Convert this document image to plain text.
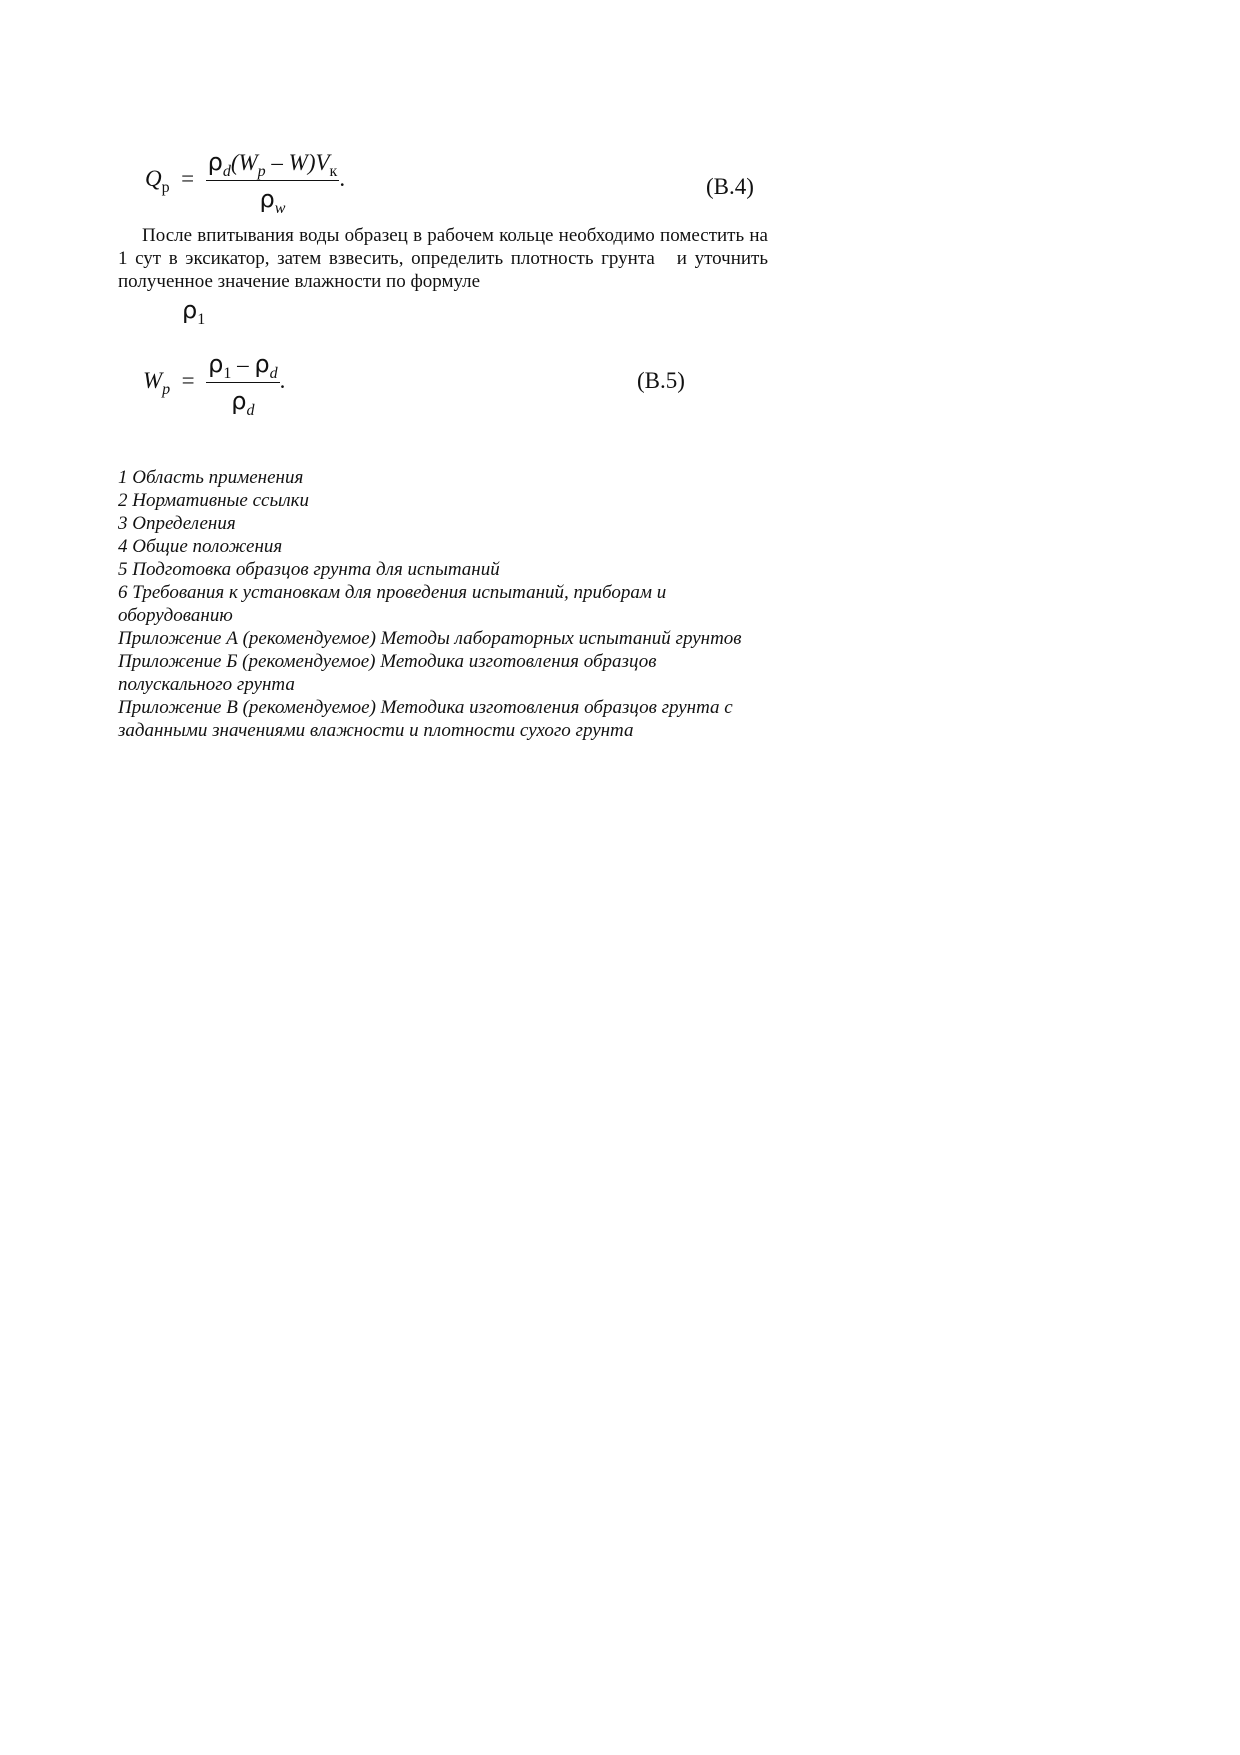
$Q_р = \frac{\rho_d(W_p - W)V_к}{\rho_w}$ .	(B.4)
После впитывания воды образец в рабочем кольце необходимо поместить на 1 сут в эксикатор, затем взвесить, определить плотность грунта и уточнить полученное значение влажности по формуле
$\rho_1$
$W_p = \frac{\rho_1 - \rho_d}{\rho_d}$ .	(B.5)
1 Область применения
2 Нормативные ссылки
3 Определения
4 Общие положения
5 Подготовка образцов грунта для испытаний
6 Требования к установкам для проведения испытаний, приборам и оборудованию
Приложение А (рекомендуемое) Методы лабораторных испытаний грунтов
Приложение Б (рекомендуемое) Методика изготовления образцов полускального грунта
Приложение В (рекомендуемое) Методика изготовления образцов грунта с заданными значениями влажности и плотности сухого грунта
